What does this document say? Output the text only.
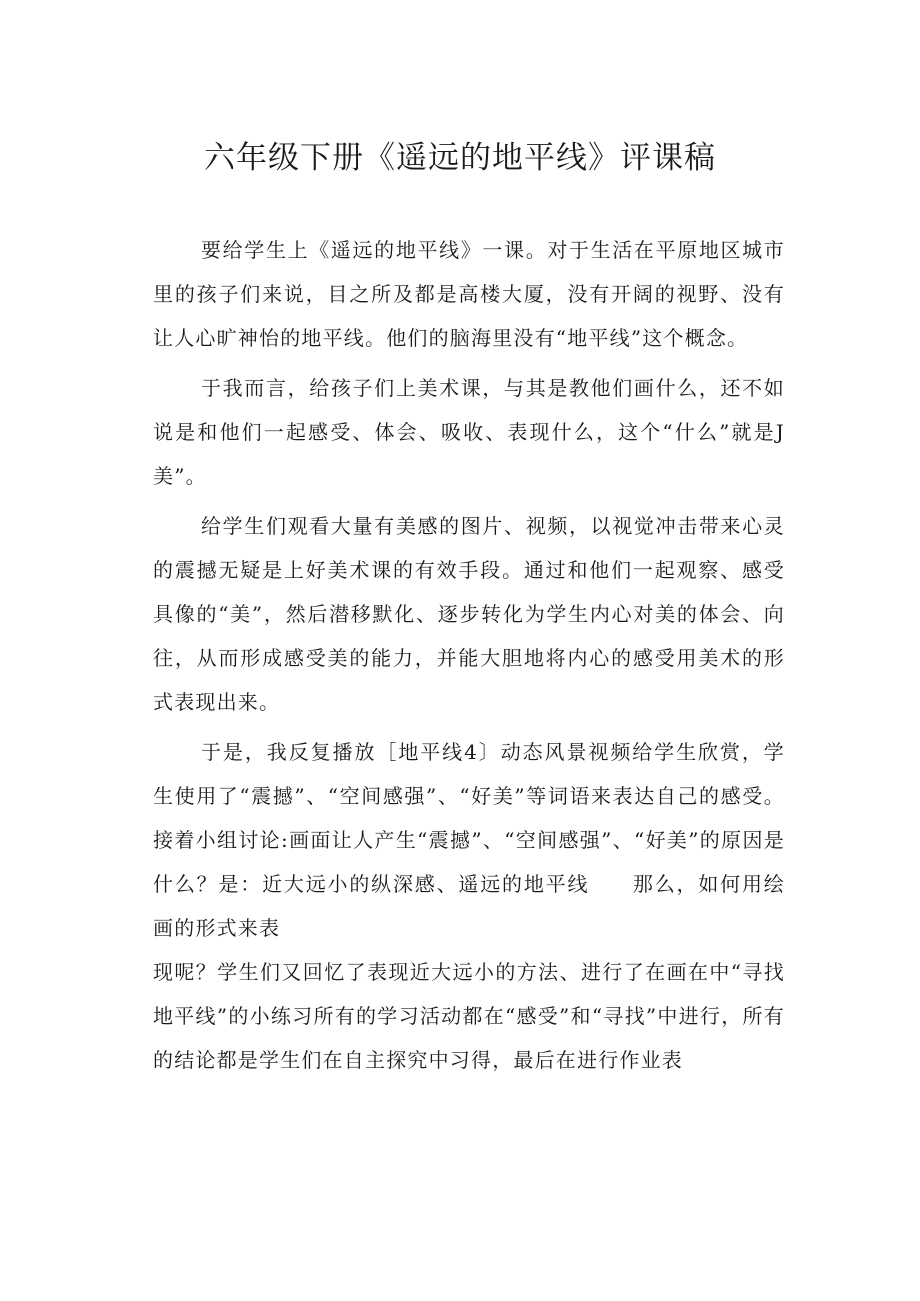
六年级下册《遥远的地平线》评课稿

要给学生上《遥远的地平线》一课。对于生活在平原地区城市里的孩子们来说，目之所及都是高楼大厦，没有开阔的视野、没有让人心旷神怡的地平线。他们的脑海里没有“地平线”这个概念。

于我而言，给孩子们上美术课，与其是教他们画什么，还不如说是和他们一起感受、体会、吸收、表现什么，这个“什么”就是J美”。

给学生们观看大量有美感的图片、视频，以视觉冲击带来心灵的震撼无疑是上好美术课的有效手段。通过和他们一起观察、感受具像的“美”，然后潜移默化、逐步转化为学生内心对美的体会、向往，从而形成感受美的能力，并能大胆地将内心的感受用美术的形式表现出来。

于是，我反复播放［地平线4〕动态风景视频给学生欣赏，学生使用了“震撼”、“空间感强”、“好美”等词语来表达自己的感受。接着小组讨论:画面让人产生“震撼”、“空间感强”、“好美”的原因是什么？是：近大远小的纵深感、遥远的地平线　　那么，如何用绘画的形式来表

现呢？学生们又回忆了表现近大远小的方法、进行了在画在中“寻找地平线”的小练习所有的学习活动都在“感受”和“寻找”中进行，所有的结论都是学生们在自主探究中习得，最后在进行作业表
